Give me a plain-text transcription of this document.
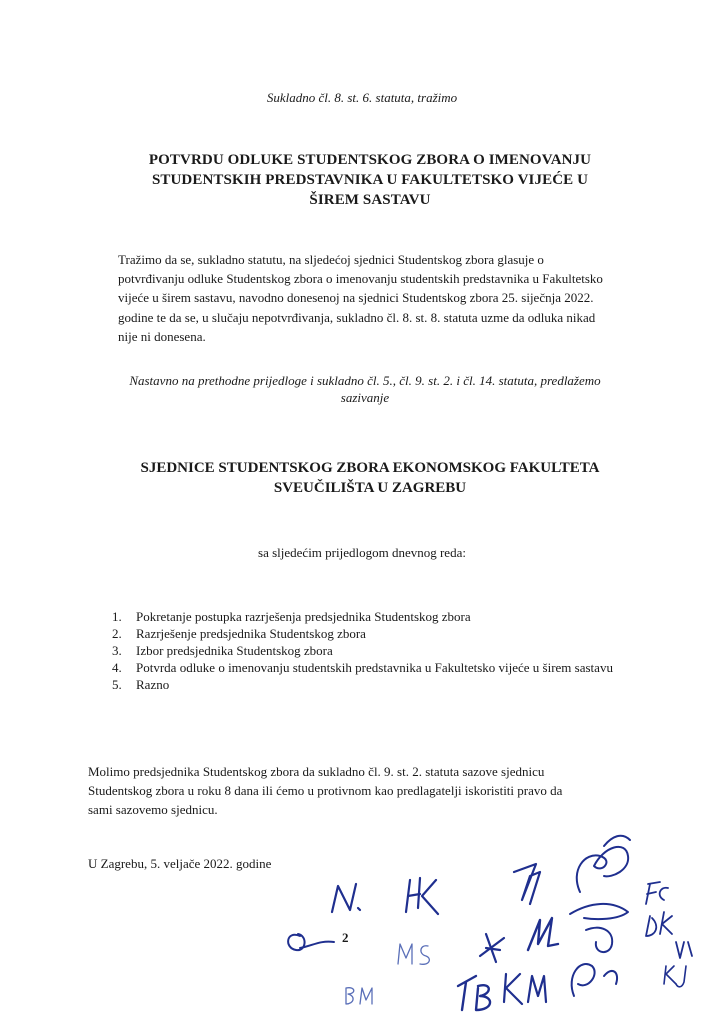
Sukladno čl. 8. st. 6. statuta, tražimo
POTVRDU ODLUKE STUDENTSKOG ZBORA O IMENOVANJU
STUDENTSKIH PREDSTAVNIKA U FAKULTETSKO VIJEĆE U
ŠIREM SASTAVU
Tražimo da se, sukladno statutu, na sljedećoj sjednici Studentskog zbora glasuje o
potvrđivanju odluke Studentskog zbora o imenovanju studentskih predstavnika u Fakultetsko
vijeće u širem sastavu, navodno donesenoj na sjednici Studentskog zbora 25. siječnja 2022.
godine te da se, u slučaju nepotvrđivanja, sukladno čl. 8. st. 8. statuta uzme da odluka nikad
nije ni donesena.
Nastavno na prethodne prijedloge i sukladno čl. 5., čl. 9. st. 2. i čl. 14. statuta, predlažemo
sazivanje
SJEDNICE STUDENTSKOG ZBORA EKONOMSKOG FAKULTETA
SVEUČILIŠTA U ZAGREBU
sa sljedećim prijedlogom dnevnog reda:
1. Pokretanje postupka razrješenja predsjednika Studentskog zbora
2. Razrješenje predsjednika Studentskog zbora
3. Izbor predsjednika Studentskog zbora
4. Potvrda odluke o imenovanju studentskih predstavnika u Fakultetsko vijeće u širem sastavu
5. Razno
Molimo predsjednika Studentskog zbora da sukladno čl. 9. st. 2. statuta sazove sjednicu
Studentskog zbora u roku 8 dana ili ćemo u protivnom kao predlagatelji iskoristiti pravo da
sami sazovemo sjednicu.
U Zagrebu, 5. veljače 2022. godine
2
